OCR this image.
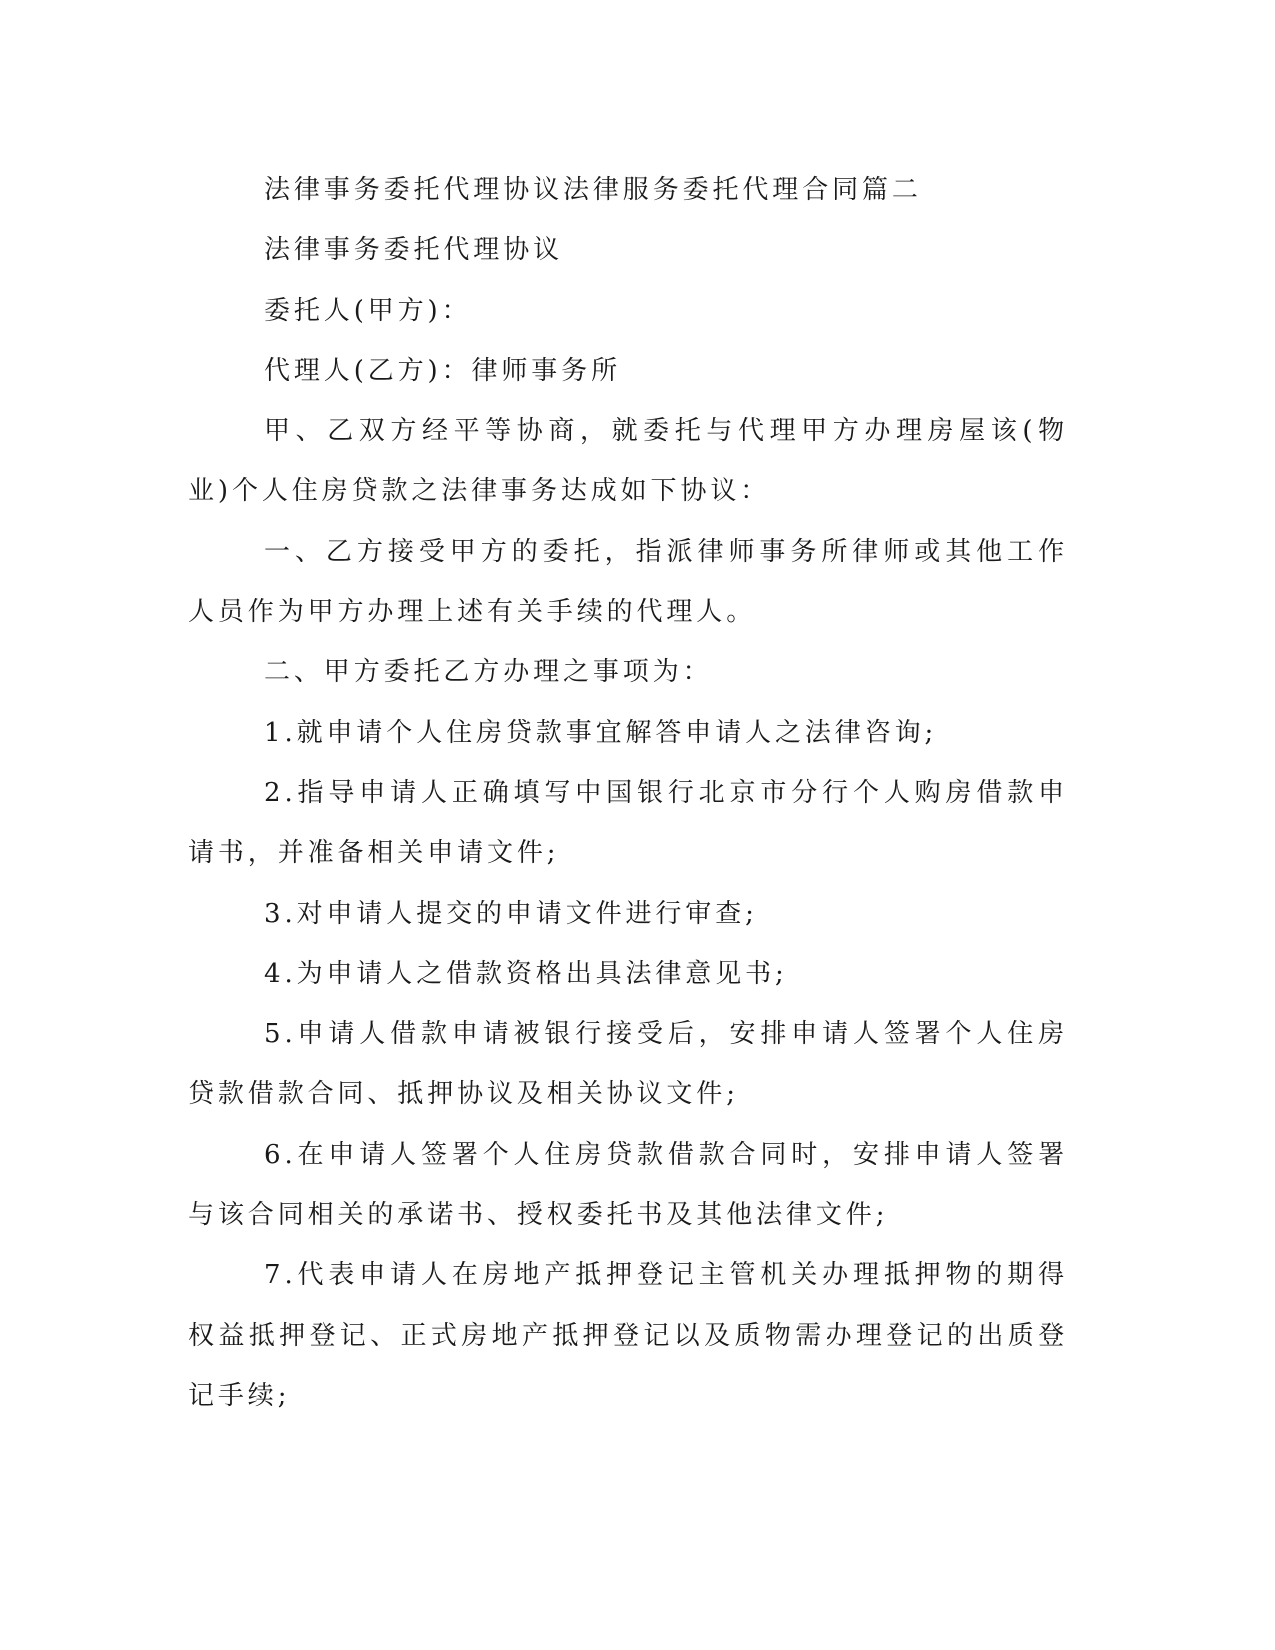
法律事务委托代理协议法律服务委托代理合同篇二

法律事务委托代理协议

委托人(甲方)：

代理人(乙方)：律师事务所

甲、乙双方经平等协商，就委托与代理甲方办理房屋该(物业)个人住房贷款之法律事务达成如下协议：

一、乙方接受甲方的委托，指派律师事务所律师或其他工作人员作为甲方办理上述有关手续的代理人。

二、甲方委托乙方办理之事项为：

1.就申请个人住房贷款事宜解答申请人之法律咨询;

2.指导申请人正确填写中国银行北京市分行个人购房借款申请书，并准备相关申请文件;

3.对申请人提交的申请文件进行审查;

4.为申请人之借款资格出具法律意见书;

5.申请人借款申请被银行接受后，安排申请人签署个人住房贷款借款合同、抵押协议及相关协议文件;

6.在申请人签署个人住房贷款借款合同时，安排申请人签署与该合同相关的承诺书、授权委托书及其他法律文件;

7.代表申请人在房地产抵押登记主管机关办理抵押物的期得权益抵押登记、正式房地产抵押登记以及质物需办理登记的出质登记手续;
